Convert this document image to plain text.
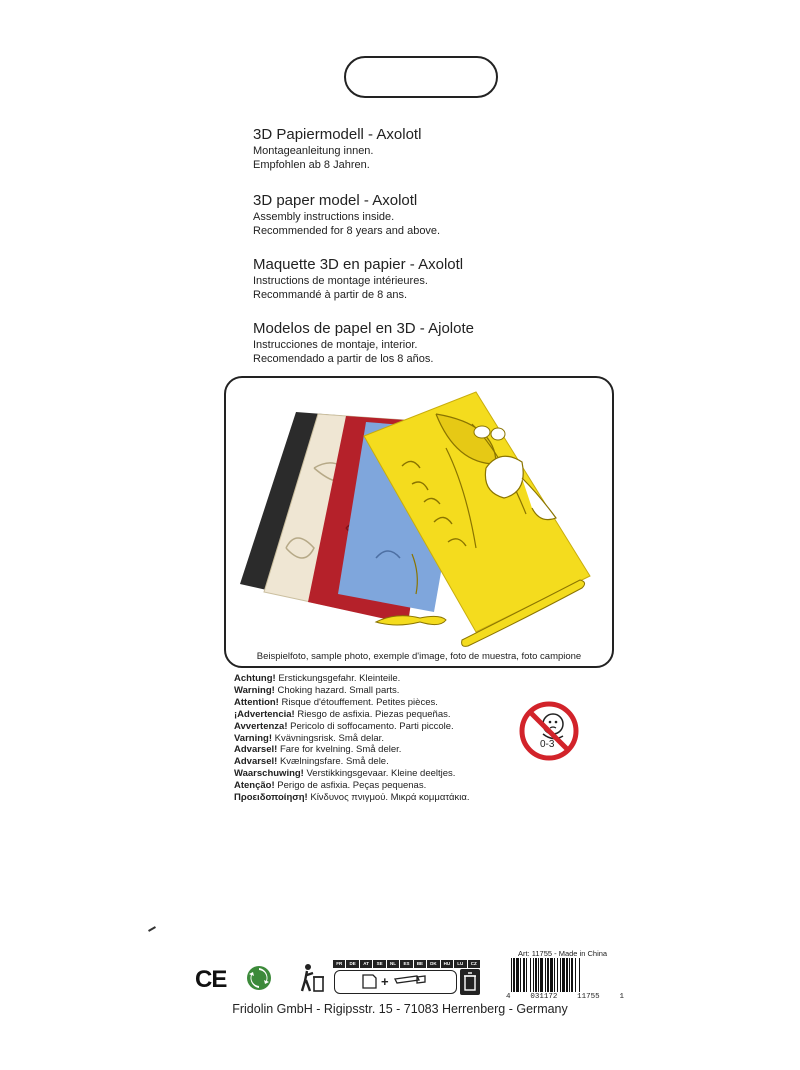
3D Papiermodell - Axolotl

Montageanleitung innen.

Empfohlen ab 8 Jahren.

3D paper model - Axolotl

Assembly instructions inside.

Recommended for 8 years and above.

Maquette 3D en papier - Axolotl

Instructions de montage intérieures.

Recommandé à partir de 8 ans.

Modelos de papel en 3D - Ajolote

Instrucciones de montaje, interior.

Recomendado a partir de los 8 años.

Beispielfoto, sample photo, exemple d'image, foto de muestra, foto campione
Achtung! Erstickungsgefahr. Kleinteile.
Warning! Choking hazard. Small parts.
Attention! Risque d'étouffement. Petites pièces.
¡Advertencia! Riesgo de asfixia. Piezas pequeñas.
Avvertenza! Pericolo di soffocamento. Parti piccole.
Varning! Kvävningsrisk. Små delar.
Advarsel! Fare for kvelning. Små deler.
Advarsel! Kvælningsfare. Små dele.
Waarschuwing! Verstikkingsgevaar. Kleine deeltjes.
Atenção! Perigo de asfixia. Peças pequenas.
Προειδοποίηση! Κίνδυνος πνιγμού. Μικρά κομματάκια.
0-3
CE
FR	DE	AT	SE	NL	ES	BE	DK	HU	LU	CZ
+
Art: 11755 - Made in China
4	031172	11755	1
Fridolin GmbH - Rigipsstr. 15 - 71083 Herrenberg - Germany
